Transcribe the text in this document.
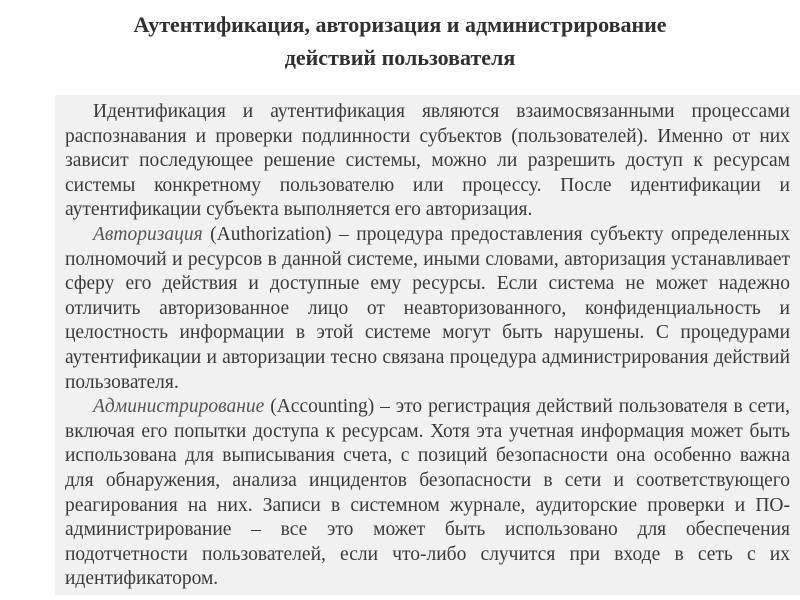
Аутентификация, авторизация и администрирование
действий пользователя

Идентификация и аутентификация являются взаимосвязанными процессами распознавания и проверки подлинности субъектов (пользователей). Именно от них зависит последующее решение системы, можно ли разрешить доступ к ресурсам системы конкретному пользователю или процессу. После идентификации и аутентификации субъекта выполняется его авторизация.

Авторизация (Authorization) – процедура предоставления субъекту определенных полномочий и ресурсов в данной системе, иными словами, авторизация устанавливает сферу его действия и доступные ему ресурсы. Если система не может надежно отличить авторизованное лицо от неавторизованного, конфиденциальность и целостность информации в этой системе могут быть нарушены. С процедурами аутентификации и авторизации тесно связана процедура администрирования действий пользователя.

Администрирование (Accounting) – это регистрация действий пользователя в сети, включая его попытки доступа к ресурсам. Хотя эта учетная информация может быть использована для выписывания счета, с позиций безопасности она особенно важна для обнаружения, анализа инцидентов безопасности в сети и соответствующего реагирования на них. Записи в системном журнале, аудиторские проверки и ПО-администрирование – все это может быть использовано для обеспечения подотчетности пользователей, если что-либо случится при входе в сеть с их идентификатором.
